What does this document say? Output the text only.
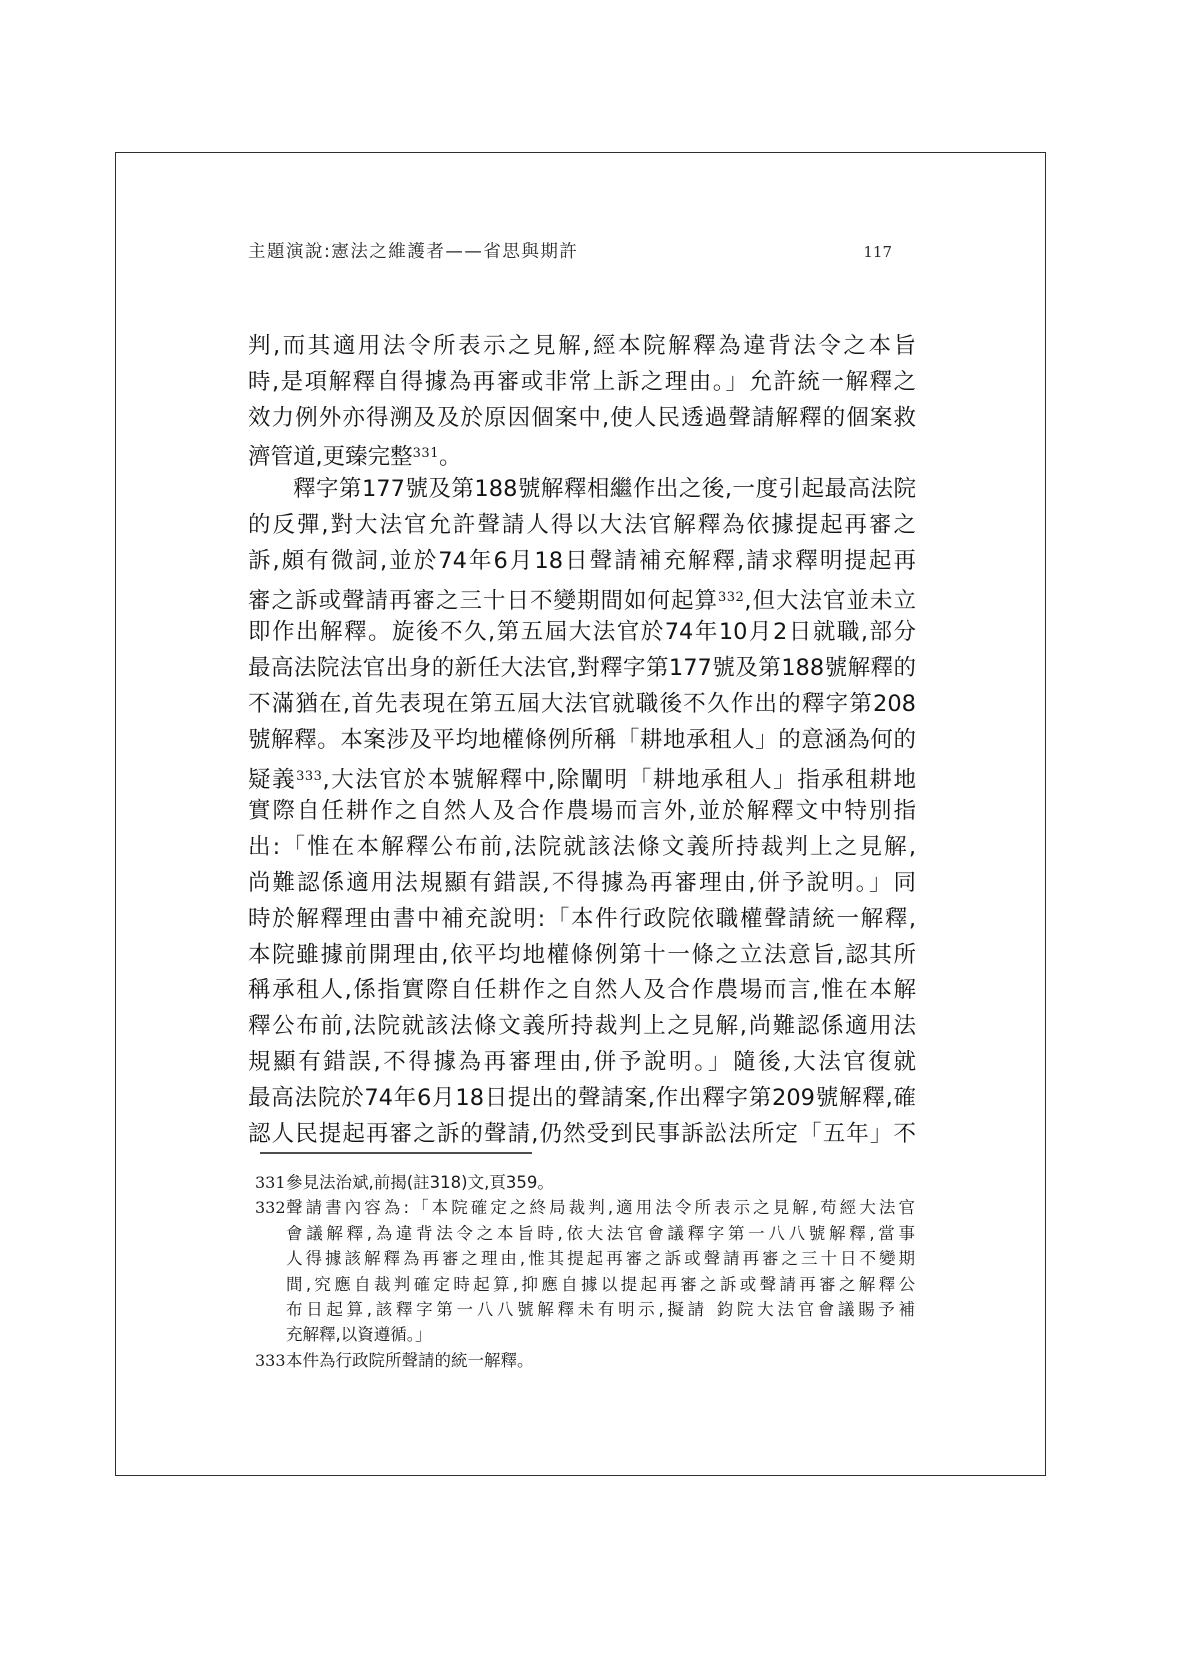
主題演說:憲法之維護者——省思與期許	117
判,而其適用法令所表示之見解,經本院解釋為違背法令之本旨
時,是項解釋自得據為再審或非常上訴之理由。」允許統一解釋之
效力例外亦得溯及及於原因個案中,使人民透過聲請解釋的個案救
濟管道,更臻完整$^{331}$。
釋字第177號及第188號解釋相繼作出之後,一度引起最高法院
的反彈,對大法官允許聲請人得以大法官解釋為依據提起再審之
訴,頗有微詞,並於74年6月18日聲請補充解釋,請求釋明提起再
審之訴或聲請再審之三十日不變期間如何起算$^{332}$,但大法官並未立
即作出解釋。旋後不久,第五屆大法官於74年10月2日就職,部分
最高法院法官出身的新任大法官,對釋字第177號及第188號解釋的
不滿猶在,首先表現在第五屆大法官就職後不久作出的釋字第208
號解釋。本案涉及平均地權條例所稱「耕地承租人」的意涵為何的
疑義$^{333}$,大法官於本號解釋中,除闡明「耕地承租人」指承租耕地
實際自任耕作之自然人及合作農場而言外,並於解釋文中特別指
出:「惟在本解釋公布前,法院就該法條文義所持裁判上之見解,
尚難認係適用法規顯有錯誤,不得據為再審理由,併予說明。」同
時於解釋理由書中補充說明:「本件行政院依職權聲請統一解釋,
本院雖據前開理由,依平均地權條例第十一條之立法意旨,認其所
稱承租人,係指實際自任耕作之自然人及合作農場而言,惟在本解
釋公布前,法院就該法條文義所持裁判上之見解,尚難認係適用法
規顯有錯誤,不得據為再審理由,併予說明。」隨後,大法官復就
最高法院於74年6月18日提出的聲請案,作出釋字第209號解釋,確
認人民提起再審之訴的聲請,仍然受到民事訴訟法所定「五年」不
331 參見法治斌,前揭(註318)文,頁359。
332 聲請書內容為:「本院確定之終局裁判,適用法令所表示之見解,苟經大法官
會議解釋,為違背法令之本旨時,依大法官會議釋字第一八八號解釋,當事
人得據該解釋為再審之理由,惟其提起再審之訴或聲請再審之三十日不變期
間,究應自裁判確定時起算,抑應自據以提起再審之訴或聲請再審之解釋公
布日起算,該釋字第一八八號解釋未有明示,擬請 鈞院大法官會議賜予補
充解釋,以資遵循。」
333 本件為行政院所聲請的統一解釋。
